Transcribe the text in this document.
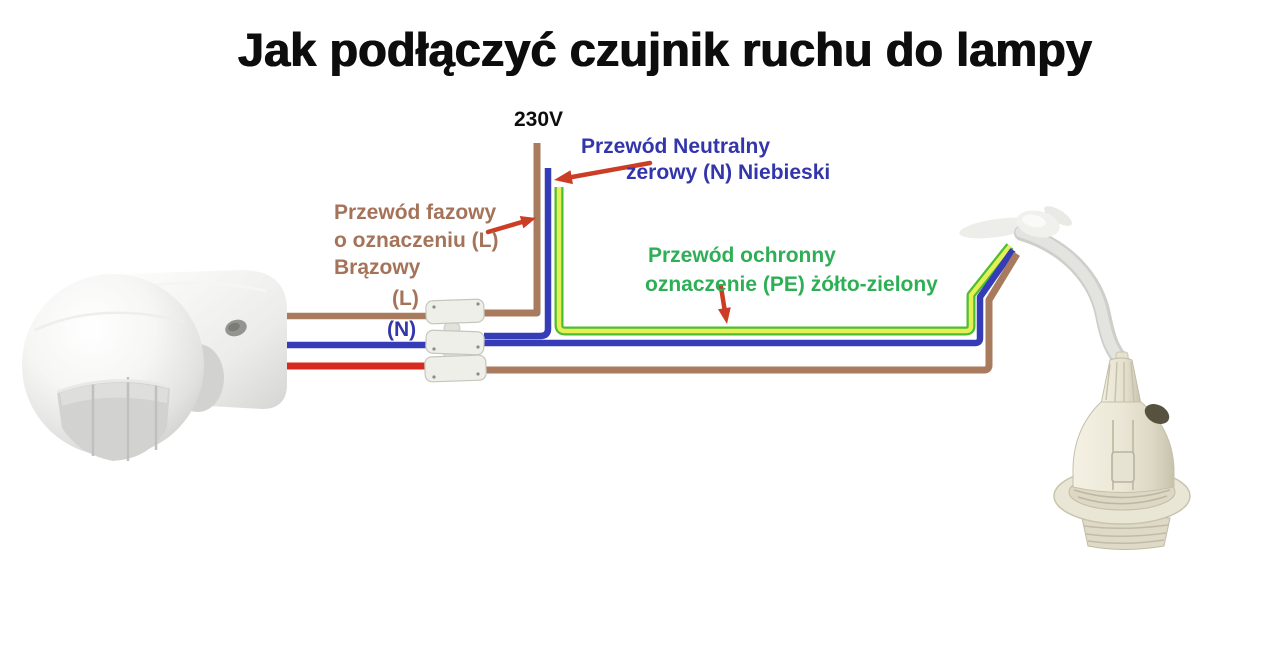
Jak podłączyć czujnik ruchu do lampy
230V
Przewód Neutralny
zerowy (N) Niebieski
Przewód fazowy
o oznaczeniu (L)
Brązowy
(L)
(N)
Przewód ochronny
oznaczenie (PE) żółto-zielony
